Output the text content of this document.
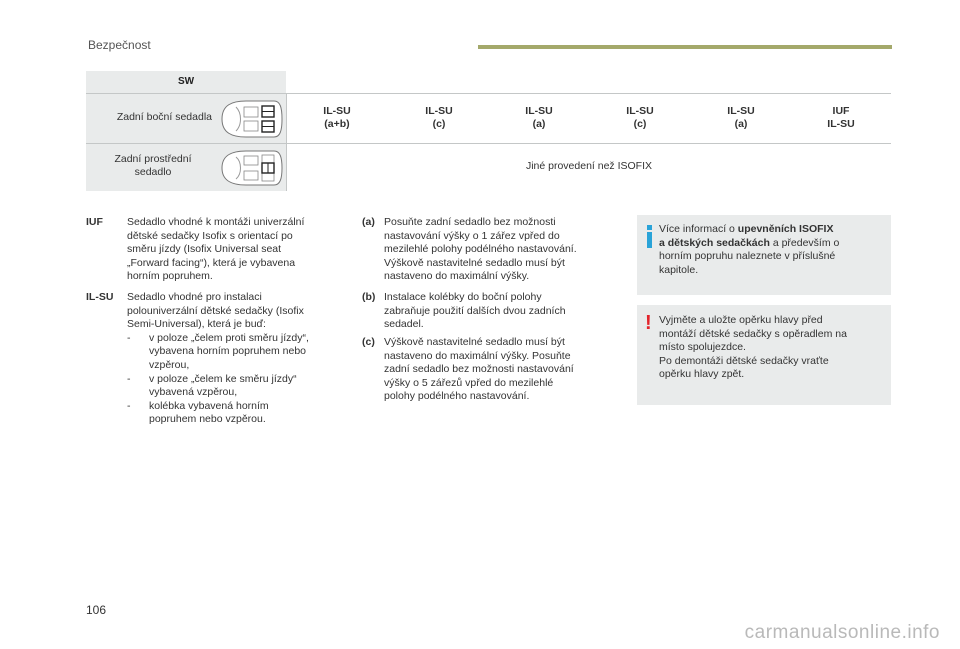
Bezpečnost
SW
Zadní boční sedadla	IL-SU
(a+b)
IL-SU
(c)
IL-SU
(a)
IL-SU
(c)
IL-SU
(a)
IUF
IL-SU
Zadní prostřední sedadlo	Jiné provedení než ISOFIX
IUF Sedadlo vhodné k montáži univerzální
dětské sedačky Isofix s orientací po
směru jízdy (Isofix Universal seat
„Forward facing“), která je vybavena
horním popruhem.
IL-SU Sedadlo vhodné pro instalaci
polouniverzální dětské sedačky (Isofix
Semi-Universal), která je buď:
- v poloze „čelem proti směru jízdy“,
vybavena horním popruhem nebo
vzpěrou,
- v poloze „čelem ke směru jízdy“
vybavená vzpěrou,
- kolébka vybavená horním
popruhem nebo vzpěrou.
(a) Posuňte zadní sedadlo bez možnosti
nastavování výšky o 1 zářez vpřed do
mezilehlé polohy podélného nastavování.
Výškově nastavitelné sedadlo musí být
nastaveno do maximální výšky.
(b) Instalace kolébky do boční polohy
zabraňuje použití dalších dvou zadních
sedadel.
(c) Výškově nastavitelné sedadlo musí být
nastaveno do maximální výšky. Posuňte
zadní sedadlo bez možnosti nastavování
výšky o 5 zářezů vpřed do mezilehlé
polohy podélného nastavování.
Více informací o upevněních ISOFIX
a dětských sedačkách a především o
horním popruhu naleznete v příslušné
kapitole.
! Vyjměte a uložte opěrku hlavy před
montáží dětské sedačky s opěradlem na
místo spolujezdce.
Po demontáži dětské sedačky vraťte
opěrku hlavy zpět.
106
carmanualsonline.info
